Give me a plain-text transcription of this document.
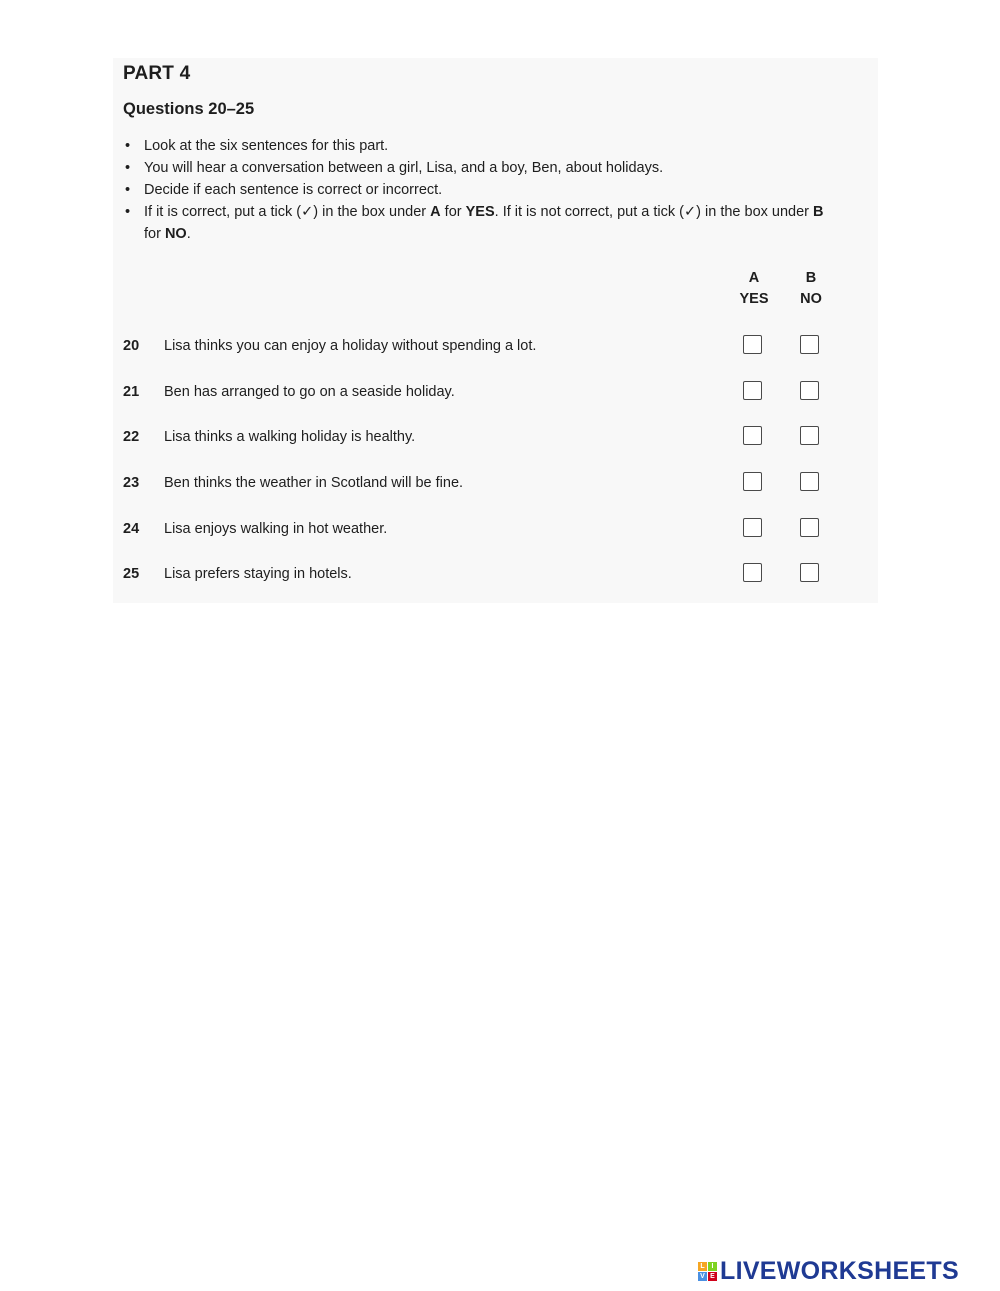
PART 4
Questions 20–25
• Look at the six sentences for this part.
• You will hear a conversation between a girl, Lisa, and a boy, Ben, about holidays.
• Decide if each sentence is correct or incorrect.
• If it is correct, put a tick (✓) in the box under A for YES. If it is not correct, put a tick (✓) in the box under B for NO.
A
YES
B
NO
20 Lisa thinks you can enjoy a holiday without spending a lot.
21 Ben has arranged to go on a seaside holiday.
22 Lisa thinks a walking holiday is healthy.
23 Ben thinks the weather in Scotland will be fine.
24 Lisa enjoys walking in hot weather.
25 Lisa prefers staying in hotels.
L I
V E LIVEWORKSHEETS
